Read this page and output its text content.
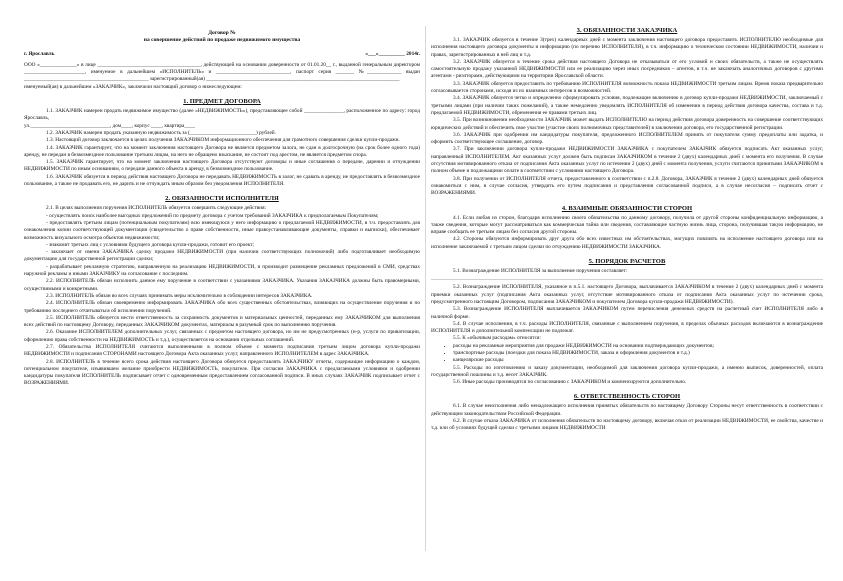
Договор №
на совершение действий по продаже недвижимого имущества
г. Ярославль	«___»__________ 2014г.

ООО «______________» в лице _______________________________________, действующей на основании доверенности от 01.01.20__ г., выданной генеральным директором _______________________, именуемое в дальнейшем «ИСПОЛНИТЕЛЬ» и ____________________________, паспорт серия _______ №_____________ выдан _______________________________________________ зарегистрированный(ая) _________________________________________________________________________

именуемый(ая) в дальнейшем «ЗАКАЗЧИК», заключили настоящий договор о нижеследующем:

1. ПРЕДМЕТ ДОГОВОРА

1.1. ЗАКАЗЧИК намерен продать недвижимое имущество (далее «НЕДВИЖИМОСТЬ»), представляющее собой _______________, расположенное по адресу: город Ярославль,

ул.______________________________, дом____, корпус ____, квартира____

1.2. ЗАКАЗЧИК намерен продать указанную недвижимость за (_________________________) рублей.

1.3. Настоящий договор заключается в целях получения ЗАКАЗЧИКОМ информационного обеспечения для грамотного совершения сделки купли-продажи.

1.4. ЗАКАЗЧИК гарантирует, что на момент заключения настоящего Договора не является предметом залога, не сдан в долгосрочную (на срок более одного года) аренду, не передан в безвозмездное пользование третьим лицам, на него не обращено взыскание, не состоит под арестом, не является предметом спора.

1.5. ЗАКАЗЧИК гарантирует, что на момент заключения настоящего Договора отсутствуют договоры и иные соглашения о передаче, дарении и отчуждении НЕДВИЖИМОСТИ по иным основаниям, о передаче данного объекта в аренду, в безвозмездное пользование.

1.6. ЗАКАЗЧИК обязуется в период действия настоящего Договора не передавать НЕДВИЖИМОСТЬ в залог, не сдавать в аренду, не предоставлять в безвозмездное пользование, а также не продавать его, не дарить и не отчуждать иным образом без уведомления ИСПОЛНИТЕЛЯ.

2. ОБЯЗАННОСТИ ИСПОЛНИТЕЛЯ

2.1. В целях выполнения поручения ИСПОЛНИТЕЛЬ обязуется совершить следующие действия:

- осуществлять поиск наиболее выгодных предложений по предмету договора с учетом требований ЗАКАЗЧИКА к предполагаемым Покупателям;

- предоставлять третьим лицам (потенциальным покупателям) всю имеющуюся у него информацию о предлагаемой НЕДВИЖИМОСТИ, в т.ч. предоставлять для ознакомления копии соответствующей документации (свидетельство о праве собственности, иные правоустанавливающие документы, справки и выписки), обеспечивает возможность визуального осмотра объектов недвижимости;

- знакомит третьих лиц с условиями будущего договора купли-продажи, готовит его проект;

- заключает от имени ЗАКАЗЧИКА сделку продажи НЕДВИЖИМОСТИ (при наличии соответствующих полномочий) либо подготавливает необходимую документацию для государственной регистрации сделки;

- разрабатывает рекламную стратегию, направленную на реализацию НЕДВИЖИМОСТИ, и производит размещение рекламных предложений в СМИ, средствах наружной рекламы и иными ЗАКАЗЧИКУ на согласование с последним.

2.2. ИСПОЛНИТЕЛЬ обязан исполнить данное ему поручение в соответствии с указаниями ЗАКАЗЧИКА. Указания ЗАКАЗЧИКА должны быть правомерными, осуществимыми и конкретными.

2.3. ИСПОЛНИТЕЛЬ обязан во всех случаях принимать меры исключительно в соблюдении интересов ЗАКАЗЧИКА.

2.4. ИСПОЛНИТЕЛЬ обязан своевременно информировать ЗАКАЗЧИКА обо всех существенных обстоятельствах, влияющих на осуществление поручения и по требованию последнего отчитываться об исполнении поручений.

2.5. ИСПОЛНИТЕЛЬ обязуется нести ответственность за сохранность документов и материальных ценностей, переданных ему ЗАКАЗЧИКОМ для выполнения всех действий по настоящему Договору, переданных ЗАКАЗЧИКОМ документах, материалы в разумный срок по выполнению поручения.

2.6. Оказание ИСПОЛНИТЕЛЕМ дополнительных услуг, связанных с предметом настоящего договора, но им не предусмотренных (н-р, услуги по приватизации, оформлению права собственности на НЕДВИЖИМОСТЬ и т.д.), осуществляется на основании отдельных соглашений.

2.7. Обязательства ИСПОЛНИТЕЛЯ считаются выполненными в полном объеме с момента подписания третьим лицом договора купли-продажи НЕДВИЖИМОСТИ и подписания СТОРОНАМИ настоящего Договора Акта оказанных услуг, направленного ИСПОЛНИТЕЛЕМ в адрес ЗАКАЗЧИКА.

2.8. ИСПОЛНИТЕЛЬ в течение всего срока действия настоящего Договора обязуется предоставлять ЗАКАЗЧИКУ отчеты, содержащие информацию о каждом, потенциальном покупателе, изъявившем желание приобрести НЕДВИЖИМОСТЬ, покупателе. При согласии ЗАКАЗЧИКА с предлагаемыми условиями и одобрении кандидатуры покупателя ИСПОЛНИТЕЛЬ подписывает отчет с одновременным предоставлением согласованной подписи. В иных случаях ЗАКАЗЧИК подписывает отчет с ВОЗРАЖЕНИЯМИ.

3. ОБЯЗАННОСТИ ЗАКАЗЧИКА

3.1. ЗАКАЗЧИК обязуется в течение 3(трех) календарных дней с момента заключения настоящего договора предоставить ИСПОЛНИТЕЛЮ необходимые для исполнения настоящего договора документы и информацию (по перечню ИСПОЛНИТЕЛЯ), в т.ч. информацию о техническом состоянии НЕДВИЖИМОСТИ, наличии и правах, зарегистрированных в ней лиц и т.д.

3.2. ЗАКАЗЧИК обязуется в течение срока действия настоящего Договора не отказываться от его условий и своих обязательств, а также не осуществлять самостоятельную продажу указанной НЕДВИЖИМОСТИ или ее реализацию через иных посредников – агентов, в т.ч. не заключать аналогичных договоров с другими агентами - риэлторами, действующими на территории Ярославской области.

3.3. ЗАКАЗЧИК обязуется предоставить по требованию ИСПОЛНИТЕЛЯ возможность показа НЕДВИЖИМОСТИ третьим лицам. Время показа предварительно согласовывается сторонами, исходя из их взаимных интересов и возможностей.

3.4. ЗАКАЗЧИК обязуется четко и определенно сформулировать условия, подлежащие включению в договор купли-продажи НЕДВИЖИМОСТИ, заключаемый с третьими лицами (при наличии таких пожеланий), а также немедленно уведомлять ИСПОЛНИТЕЛЯ об изменении в период действия договора качества, состава и т.д. предлагаемой НЕДВИЖИМОСТИ, обременения ее правами третьих лиц.

3.5. При возникновении необходимости ЗАКАЗЧИК может выдать ИСПОЛНИТЕЛЮ на период действия договора доверенность на совершение соответствующих юридических действий и обеспечить свое участие (участие своих полномочных представителей) в заключении договора, его государственной регистрации.

3.6. ЗАКАЗЧИК при одобрении им кандидатуры покупателя, предложенного ИСПОЛНИТЕЛЕМ принять от покупателя сумму предоплаты или задатка, и оформить соответствующее соглашение, договор.

3.7. При заключении договора купли-продажи НЕДВИЖИМОСТИ ЗАКАЗЧИКА с покупателем ЗАКАЗЧИК обязуется подписать Акт оказанных услуг, направленный ИСПОЛНИТЕЛЕМ. Акт оказанных услуг должен быть подписан ЗАКАЗЧИКОМ в течение 2 (двух) календарных дней с момента его получения. В случае отсутствия мотивированного отказа от подписания Акта оказанных услуг по истечении 2 (двух) дней с момента получения, услуги считаются принятыми ЗАКАЗЧИКОМ в полном объеме и подлежащими оплате в соответствии с условиями настоящего Договора.

3.8. При получении от ИСПОЛНИТЕЛЯ отчета, предоставленного в соответствии с п.2.8. Договора, ЗАКАЗЧИК в течение 2 (двух) календарных дней обязуется ознакомиться с ним, в случае согласия, утвердить его путем подписания и представления согласованной подписи, а в случае несогласия – подписать отчет с ВОЗРАЖЕНИЯМИ.

4. ВЗАИМНЫЕ ОБЯЗАННОСТИ СТОРОН

4.1. Если любая из сторон, благодаря исполнению своего обязательства по данному договору, получила от другой стороны конфиденциальную информацию, а также сведения, которые могут рассматриваться как коммерческая тайна или сведения, составляющие частную жизнь лица, сторона, получившая такую информацию, не вправе сообщать ее третьим лицам без согласия другой стороны.

4.2. Стороны обязуются информировать друг друга обо всех известных им обстоятельствах, могущих повлиять на исполнение настоящего договора или на исполнение заключаемой с третьим лицом сделки по отчуждению НЕДВИЖИМОСТИ ЗАКАЗЧИКА.

5. ПОРЯДОК РАСЧЕТОВ

5.1. Вознаграждение ИСПОЛНИТЕЛЯ за выполнение поручения составляет:

5.2. Вознаграждение ИСПОЛНИТЕЛЯ, указанное в п.5.1. настоящего Договора, выплачивается ЗАКАЗЧИКОМ в течение 2 (двух) календарных дней с момента приемки оказанных услуг (подписания Акта оказанных услуг, отсутствие мотивированного отказа от подписания Акта оказанных услуг по истечении срока, предусмотренного настоящим Договором, подписания ЗАКАЗЧИКОМ и покупателем Договора купли-продажи НЕДВИЖИМОСТИ).

5.3. Вознаграждение ИСПОЛНИТЕЛЯ выплачивается ЗАКАЗЧИКОМ путем перечисления денежных средств на расчетный счет ИСПОЛНИТЕЛЯ либо в наличной форме.

5.4. В случае исполнения, в т.ч. расходы ИСПОЛНИТЕЛЯ, связанные с выполнением поручения, в пределах обычных расходов включаются в вознаграждение ИСПОЛНИТЕЛЯ и дополнительной компенсации не подлежат.

5.5. К «обычным расходам» относятся:

• расходы на рекламные мероприятия для продажи НЕДВИЖИМОСТИ на основании подтверждающих документов;
• транспортные расходы (поездки для показа НЕДВИЖИМОСТИ, заказа и оформления документов и т.д.)
• канцелярские расходы

5.5. Расходы по изготовлению и заказу документации, необходимой для заключения договора купли-продажи, а именно выписок, доверенностей, оплата государственной пошлины и т.д. несет ЗАКАЗЧИК.

5.6. Иные расходы производятся по согласованию с ЗАКАЗЧИКОМ и компенсируются дополнительно.

6. ОТВЕТСТВЕННОСТЬ СТОРОН

6.1. В случае неисполнения либо ненадлежащего исполнения принятых обязательств по настоящему Договору Стороны несут ответственность в соответствии с действующим законодательством Российской Федерации.

6.2. В случае отказа ЗАКАЗЧИКА от исполнения обязательств по настоящему договору, включая отказ от реализации НЕДВИЖИМОСТИ, ее свойства, качестве и т.д. или об условиях будущей сделки с третьими лицами НЕДВИЖИМОСТИ
